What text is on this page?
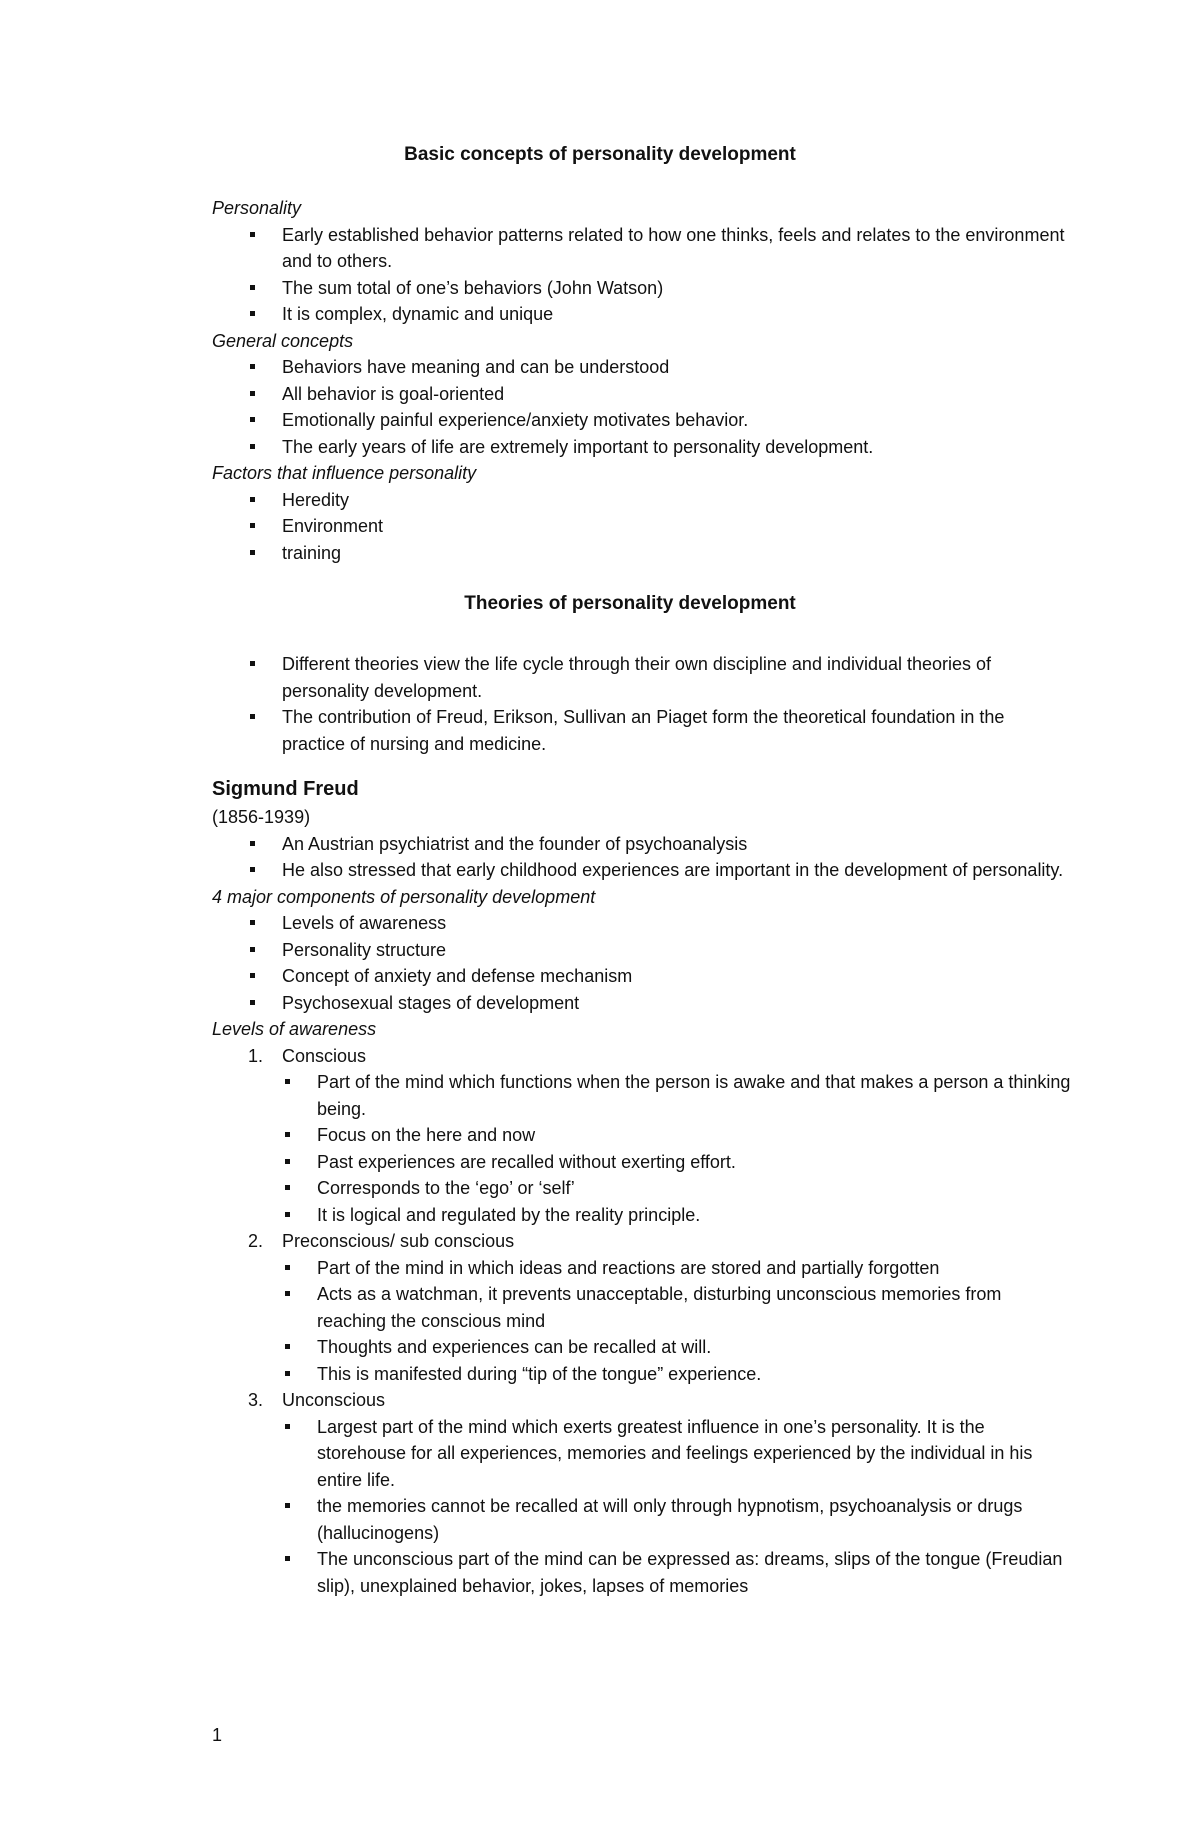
Basic concepts of personality development
Personality
Early established behavior patterns related to how one thinks, feels and relates to the environment and to others.
The sum total of one’s behaviors (John Watson)
It is complex, dynamic and unique
General concepts
Behaviors have meaning and can be understood
All behavior is goal-oriented
Emotionally painful experience/anxiety motivates behavior.
The early years of life are extremely important to personality development.
Factors that influence personality
Heredity
Environment
training
Theories of personality development
Different theories view the life cycle through their own discipline and individual theories of personality development.
The contribution of Freud, Erikson, Sullivan an Piaget form the theoretical foundation in the practice of nursing and medicine.
Sigmund Freud
(1856-1939)
An Austrian psychiatrist and the founder of psychoanalysis
He also stressed that early childhood experiences are important in the development of personality.
4 major components of personality development
Levels of awareness
Personality structure
Concept of anxiety and defense mechanism
Psychosexual stages of development
Levels of awareness
1. Conscious
Part of the mind which functions when the person is awake and that makes a person a thinking being.
Focus on the here and now
Past experiences are recalled without exerting effort.
Corresponds to the ‘ego’ or ‘self’
It is logical and regulated by the reality principle.
2. Preconscious/ sub conscious
Part of the mind in which ideas and reactions are stored and partially forgotten
Acts as a watchman, it prevents unacceptable, disturbing unconscious memories from reaching the conscious mind
Thoughts and experiences can be recalled at will.
This is manifested during “tip of the tongue” experience.
3. Unconscious
Largest part of the mind which exerts greatest influence in one’s personality. It is the storehouse for all experiences, memories and feelings experienced by the individual in his entire life.
the memories cannot be recalled at will only through hypnotism, psychoanalysis or drugs (hallucinogens)
The unconscious part of the mind can be expressed as: dreams, slips of the tongue (Freudian slip), unexplained behavior, jokes, lapses of memories
1
